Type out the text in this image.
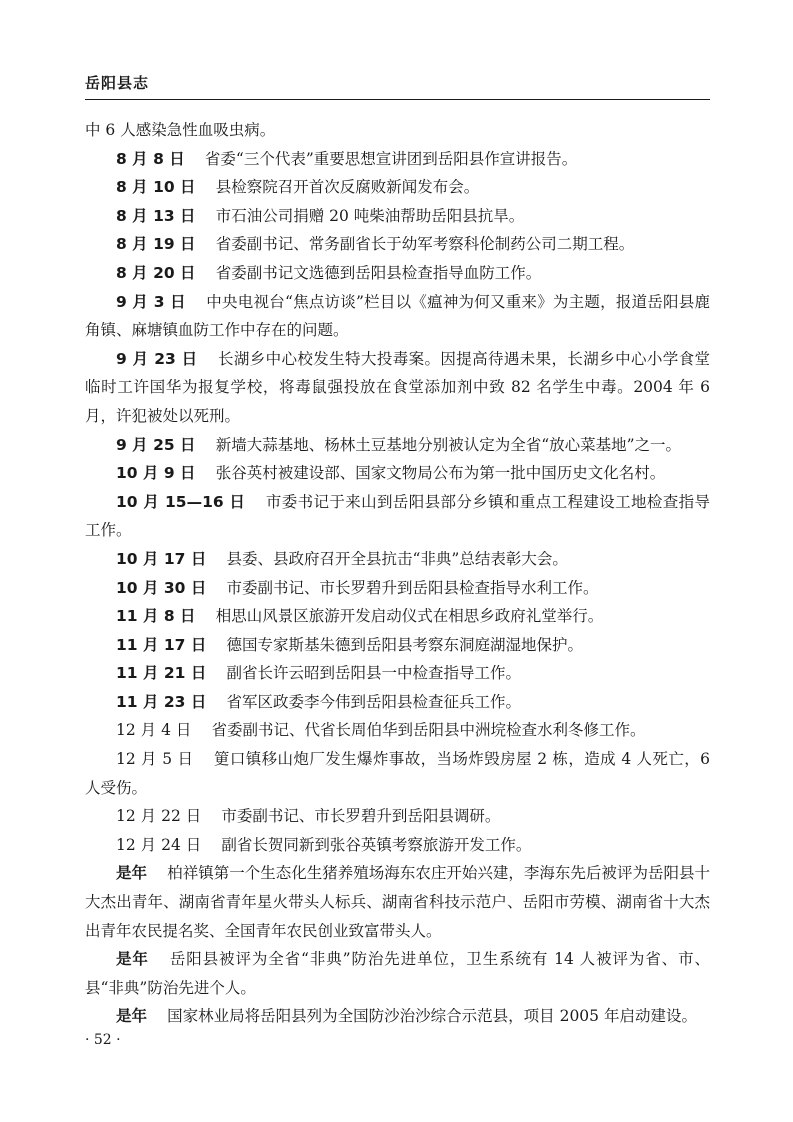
岳阳县志

中 6 人感染急性血吸虫病。

8 月 8 日 省委“三个代表”重要思想宣讲团到岳阳县作宣讲报告。

8 月 10 日 县检察院召开首次反腐败新闻发布会。

8 月 13 日 市石油公司捐赠 20 吨柴油帮助岳阳县抗旱。

8 月 19 日 省委副书记、常务副省长于幼军考察科伦制药公司二期工程。

8 月 20 日 省委副书记文选德到岳阳县检查指导血防工作。

9 月 3 日 中央电视台“焦点访谈”栏目以《瘟神为何又重来》为主题，报道岳阳县鹿角镇、麻塘镇血防工作中存在的问题。

9 月 23 日 长湖乡中心校发生特大投毒案。因提高待遇未果，长湖乡中心小学食堂临时工许国华为报复学校，将毒鼠强投放在食堂添加剂中致 82 名学生中毒。2004 年 6 月，许犯被处以死刑。

9 月 25 日 新墙大蒜基地、杨林土豆基地分别被认定为全省“放心菜基地”之一。

10 月 9 日 张谷英村被建设部、国家文物局公布为第一批中国历史文化名村。

10 月 15—16 日 市委书记于来山到岳阳县部分乡镇和重点工程建设工地检查指导工作。

10 月 17 日 县委、县政府召开全县抗击“非典”总结表彰大会。

10 月 30 日 市委副书记、市长罗碧升到岳阳县检查指导水利工作。

11 月 8 日 相思山风景区旅游开发启动仪式在相思乡政府礼堂举行。

11 月 17 日 德国专家斯基朱德到岳阳县考察东洞庭湖湿地保护。

11 月 21 日 副省长许云昭到岳阳县一中检查指导工作。

11 月 23 日 省军区政委李今伟到岳阳县检查征兵工作。

12 月 4 日 省委副书记、代省长周伯华到岳阳县中洲垸检查水利冬修工作。

12 月 5 日 筻口镇移山炮厂发生爆炸事故，当场炸毁房屋 2 栋，造成 4 人死亡，6 人受伤。

12 月 22 日 市委副书记、市长罗碧升到岳阳县调研。

12 月 24 日 副省长贺同新到张谷英镇考察旅游开发工作。

是年 柏祥镇第一个生态化生猪养殖场海东农庄开始兴建，李海东先后被评为岳阳县十大杰出青年、湖南省青年星火带头人标兵、湖南省科技示范户、岳阳市劳模、湖南省十大杰出青年农民提名奖、全国青年农民创业致富带头人。

是年 岳阳县被评为全省“非典”防治先进单位，卫生系统有 14 人被评为省、市、县“非典”防治先进个人。

是年 国家林业局将岳阳县列为全国防沙治沙综合示范县，项目 2005 年启动建设。

· 52 ·
